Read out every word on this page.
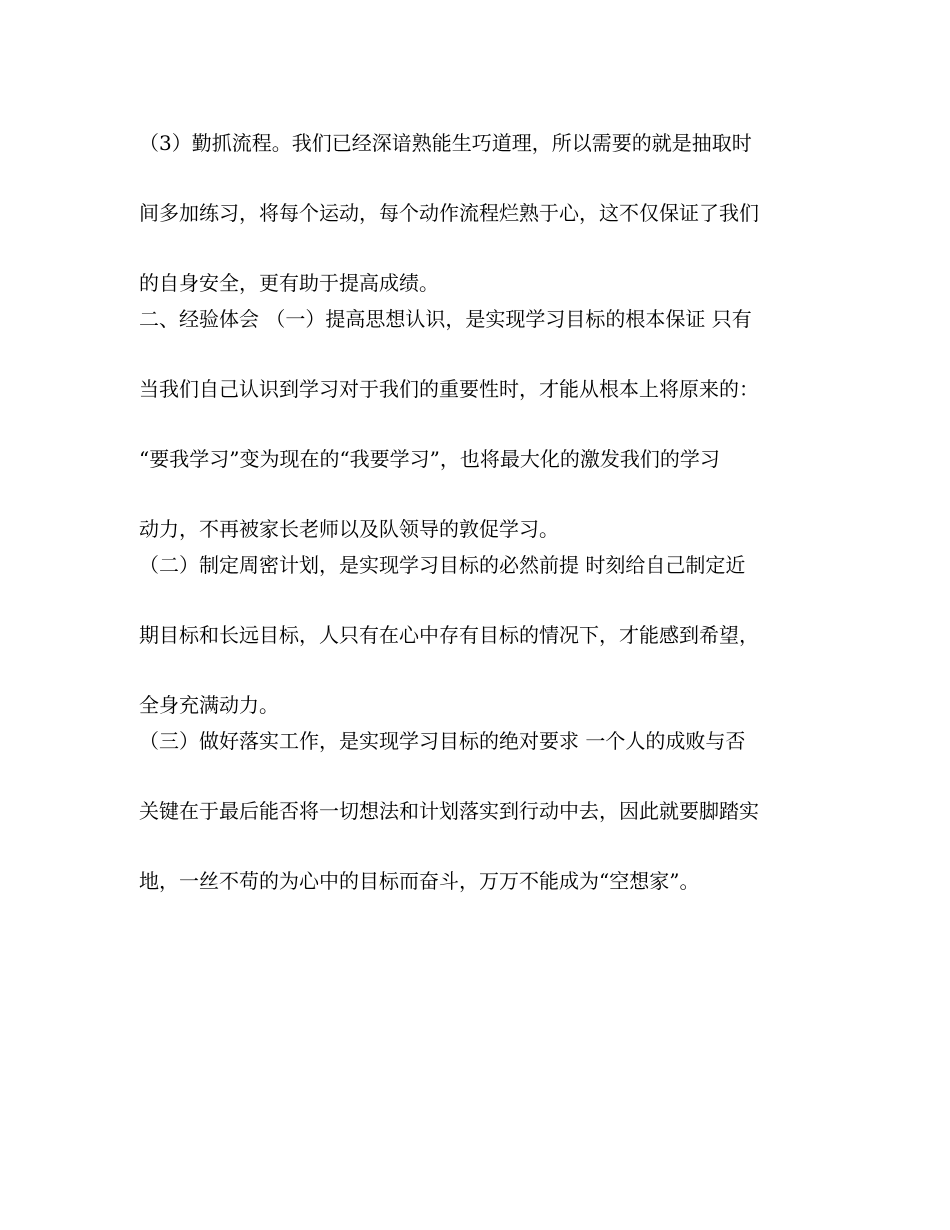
（3）勤抓流程。我们已经深谙熟能生巧道理，所以需要的就是抽取时
间多加练习，将每个运动，每个动作流程烂熟于心，这不仅保证了我们
的自身安全，更有助于提高成绩。

二、经验体会 （一）提高思想认识，是实现学习目标的根本保证 只有
当我们自己认识到学习对于我们的重要性时，才能从根本上将原来的：
“要我学习”变为现在的“我要学习”，也将最大化的激发我们的学习
动力，不再被家长老师以及队领导的敦促学习。

（二）制定周密计划，是实现学习目标的必然前提 时刻给自己制定近
期目标和长远目标，人只有在心中存有目标的情况下，才能感到希望，
全身充满动力。

（三）做好落实工作，是实现学习目标的绝对要求 一个人的成败与否
关键在于最后能否将一切想法和计划落实到行动中去，因此就要脚踏实
地，一丝不苟的为心中的目标而奋斗，万万不能成为“空想家”。
